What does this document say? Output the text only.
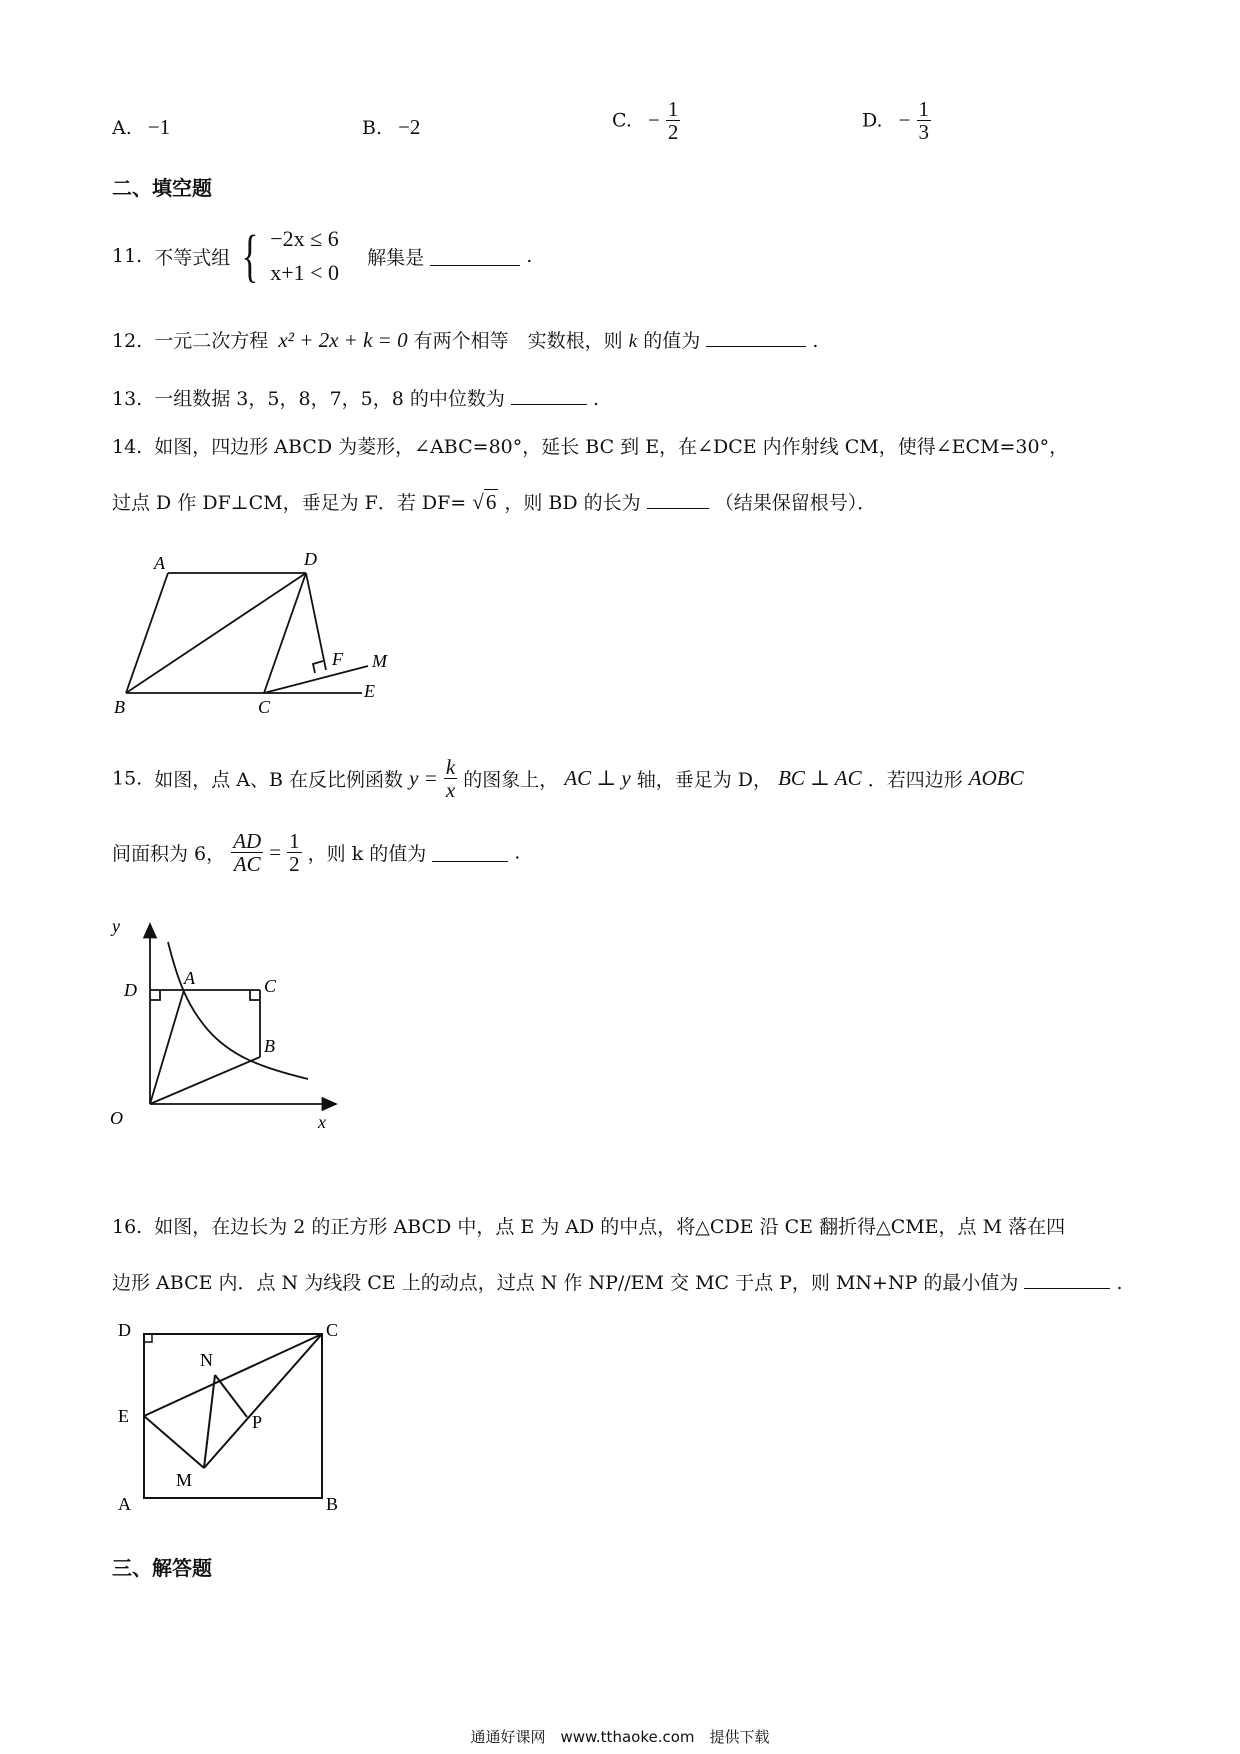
A. −1	B. −2	C. − $\frac{1}{2}$	D. − $\frac{1}{3}$
二、填空题
11. 不等式组 { −2x ≤ 6
x+1 < 0
解集是	.
12. 一元二次方程 x² + 2x + k = 0 有两个相等　实数根，则 k 的值为	.
13. 一组数据 3，5，8，7，5，8 的中位数为	.
14. 如图，四边形 ABCD 为菱形，∠ABC=80°，延长 BC 到 E，在∠DCE 内作射线 CM，使得∠ECM=30°，
过点 D 作 DF⊥CM，垂足为 F．若 DF= √6 ，则 BD 的长为	（结果保留根号）．
A	D
B	C
E
F M
15. 如图，点 A、B 在反比例函数 $y = \frac{k}{x}$ 的图象上， AC ⊥ y 轴，垂足为 D， BC ⊥ AC ．若四边形 AOBC
间面积为 6， $\frac{AD}{AC} = \frac{1}{2}$ ，则 k 的值为	.
y
x
O
D
A	C
B
16. 如图，在边长为 2 的正方形 ABCD 中，点 E 为 AD 的中点，将△CDE 沿 CE 翻折得△CME，点 M 落在四
边形 ABCE 内．点 N 为线段 CE 上的动点，过点 N 作 NP//EM 交 MC 于点 P，则 MN+NP 的最小值为	.
D	C
N
E	P
M
A	B
三、解答题
通通好课网　www.tthaoke.com　提供下载
